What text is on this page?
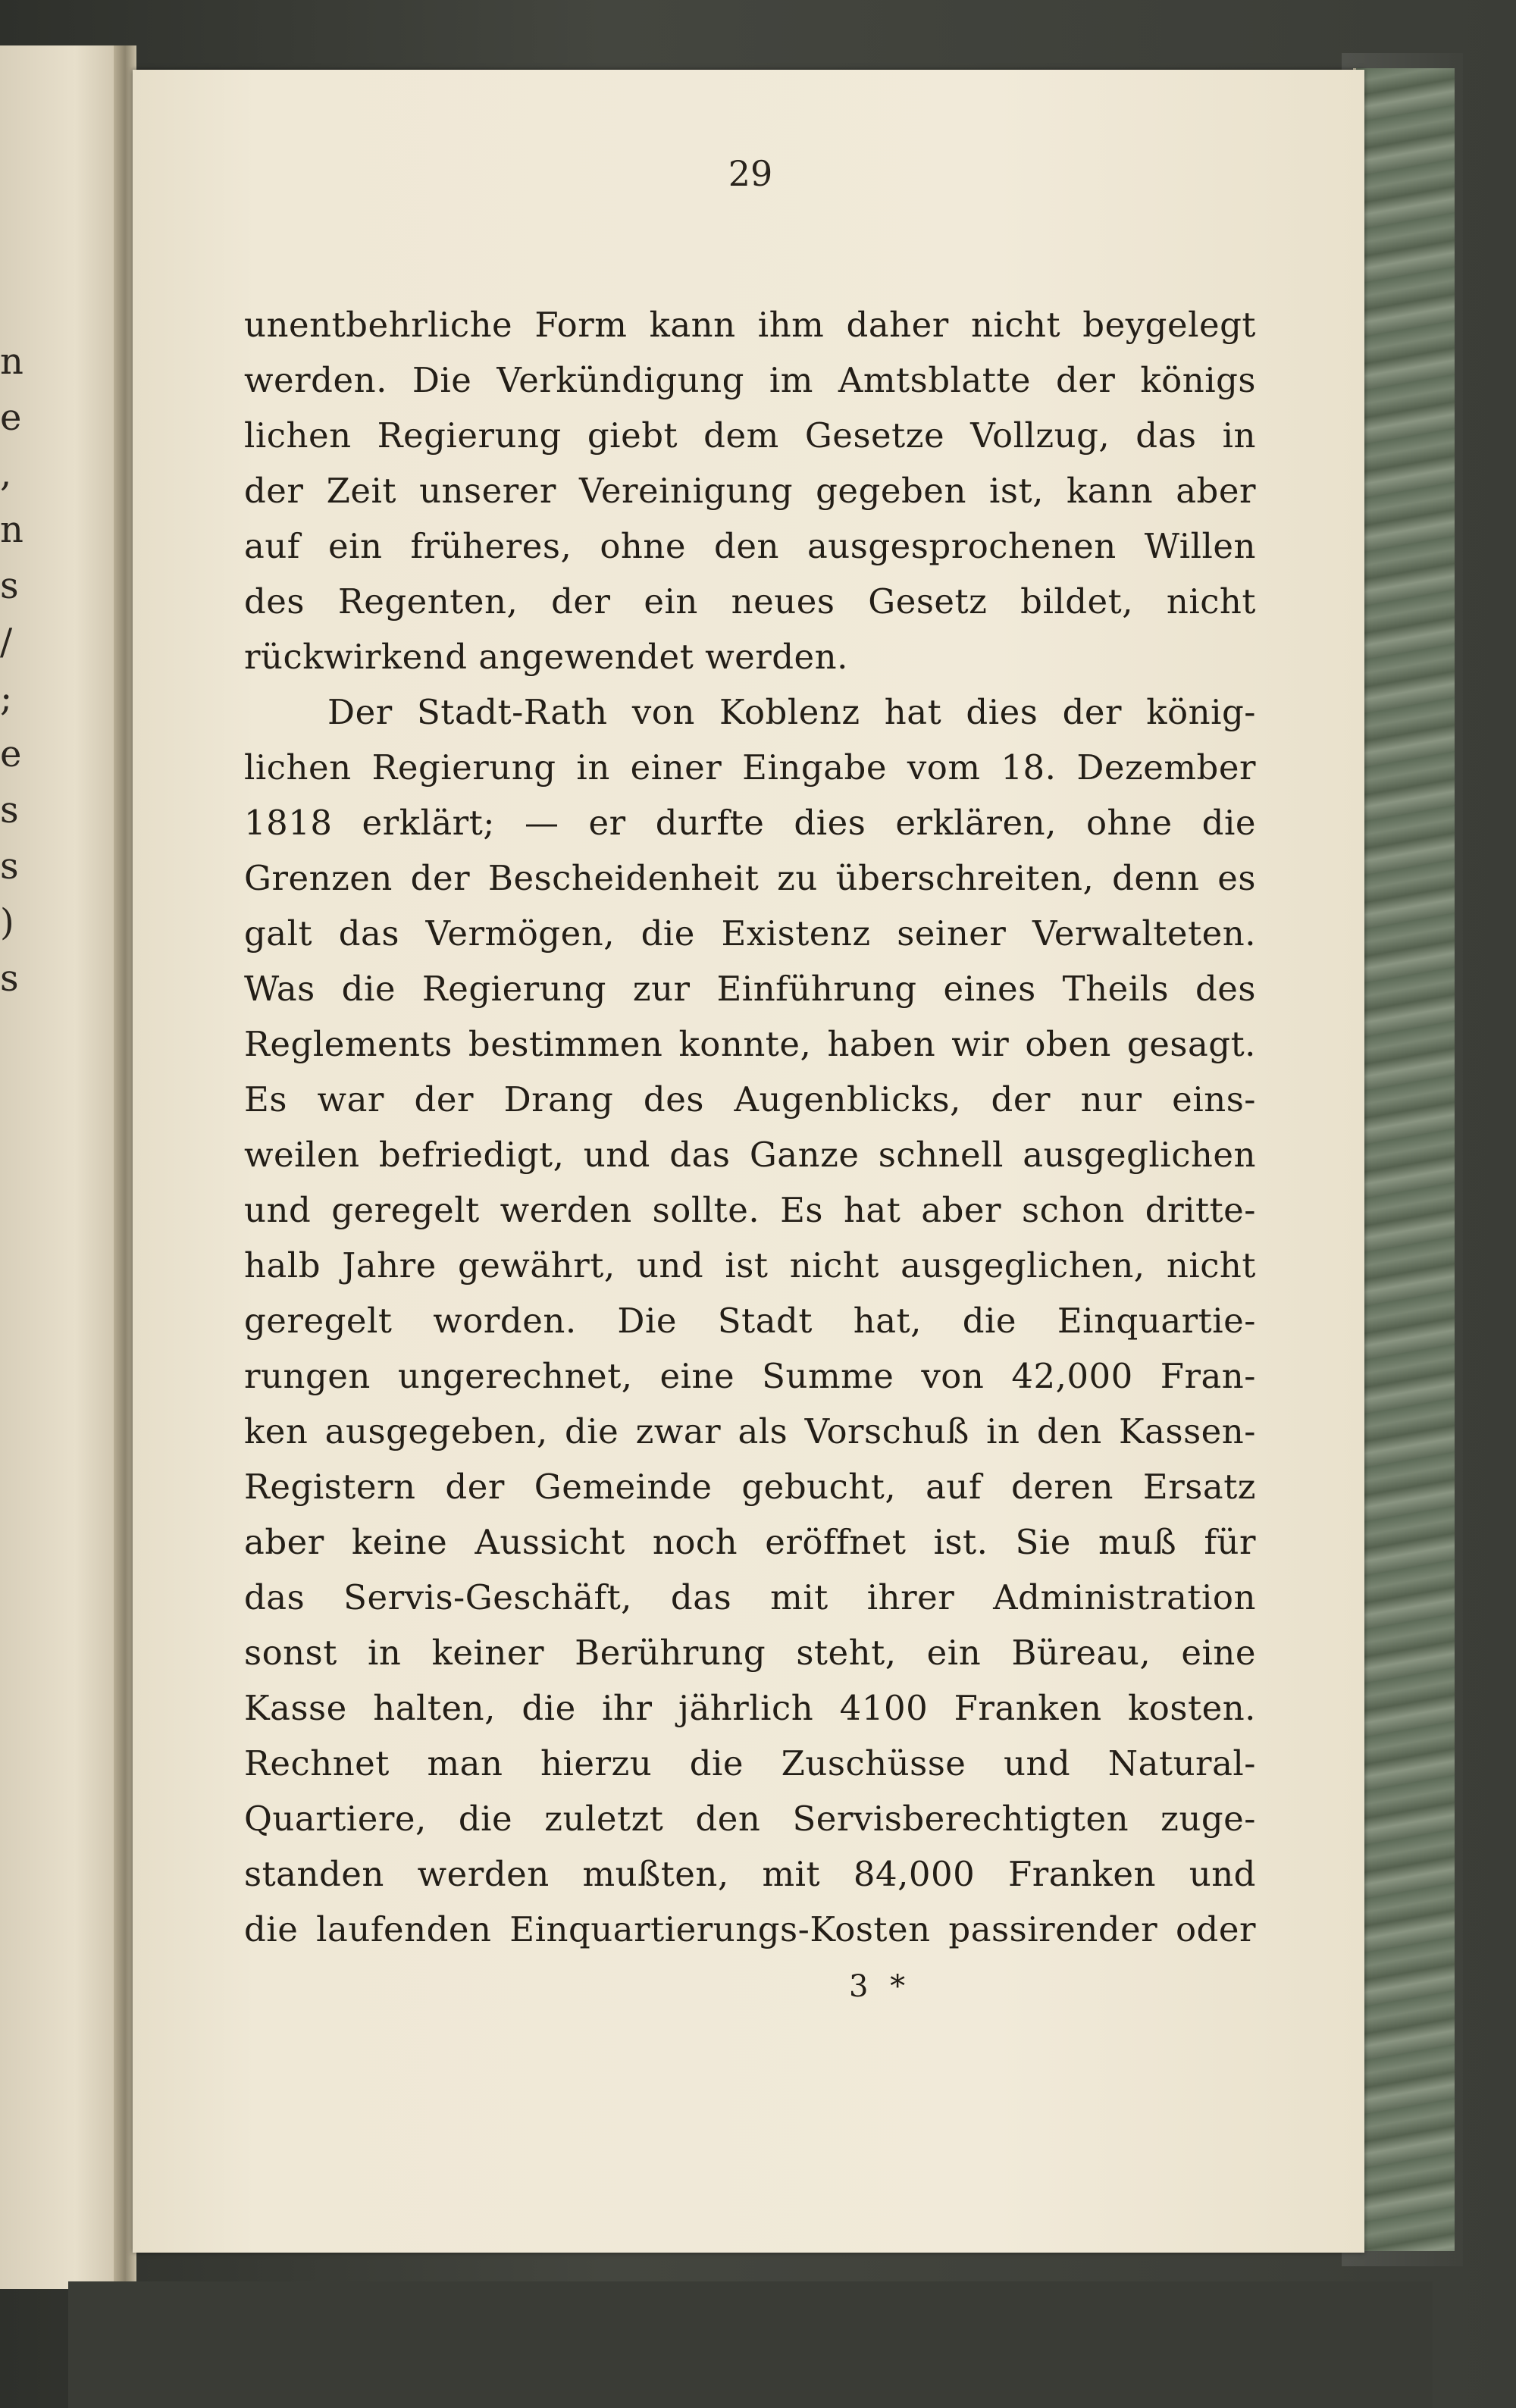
n
e
,
n
s
/
;
e
s
s
)
s
29
unentbehrliche Form kann ihm daher nicht beygelegt
werden. Die Verkündigung im Amtsblatte der königs
lichen Regierung giebt dem Gesetze Vollzug, das in
der Zeit unserer Vereinigung gegeben ist, kann aber
auf ein früheres, ohne den ausgesprochenen Willen
des Regenten, der ein neues Gesetz bildet, nicht
rückwirkend angewendet werden.
Der Stadt-Rath von Koblenz hat dies der könig-
lichen Regierung in einer Eingabe vom 18. Dezember
1818 erklärt; — er durfte dies erklären, ohne die
Grenzen der Bescheidenheit zu überschreiten, denn es
galt das Vermögen, die Existenz seiner Verwalteten.
Was die Regierung zur Einführung eines Theils des
Reglements bestimmen konnte, haben wir oben gesagt.
Es war der Drang des Augenblicks, der nur eins-
weilen befriedigt, und das Ganze schnell ausgeglichen
und geregelt werden sollte. Es hat aber schon dritte-
halb Jahre gewährt, und ist nicht ausgeglichen, nicht
geregelt worden. Die Stadt hat, die Einquartie-
rungen ungerechnet, eine Summe von 42,000 Fran-
ken ausgegeben, die zwar als Vorschuß in den Kassen-
Registern der Gemeinde gebucht, auf deren Ersatz
aber keine Aussicht noch eröffnet ist. Sie muß für
das Servis-Geschäft, das mit ihrer Administration
sonst in keiner Berührung steht, ein Büreau, eine
Kasse halten, die ihr jährlich 4100 Franken kosten.
Rechnet man hierzu die Zuschüsse und Natural-
Quartiere, die zuletzt den Servisberechtigten zuge-
standen werden mußten, mit 84,000 Franken und
die laufenden Einquartierungs-Kosten passirender oder
3 *
